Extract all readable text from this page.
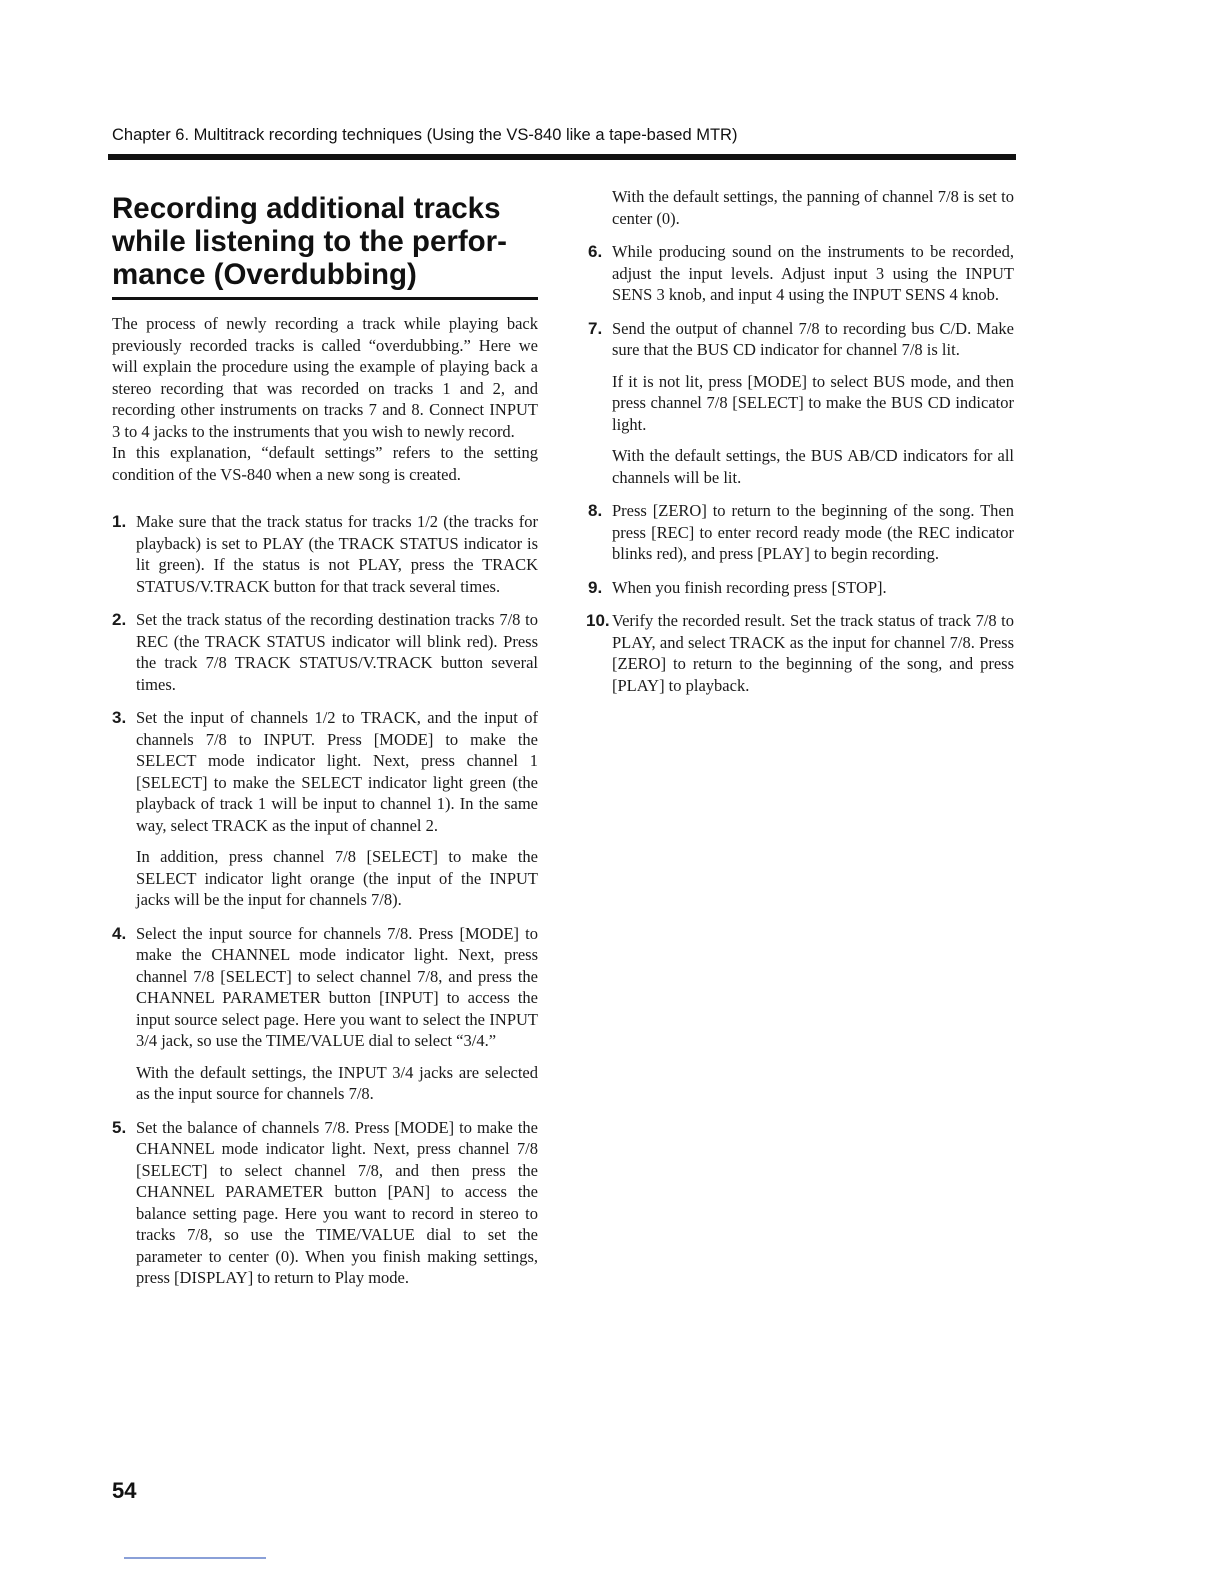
Chapter 6. Multitrack recording techniques (Using the VS-840 like a tape-based MTR)
Recording additional tracks
while listening to the perfor-
mance (Overdubbing)

The process of newly recording a track while playing back previously recorded tracks is called “overdubbing.” Here we will explain the procedure using the example of playing back a stereo recording that was recorded on tracks 1 and 2, and recording other instruments on tracks 7 and 8. Connect INPUT 3 to 4 jacks to the instruments that you wish to newly record.

In this explanation, “default settings” refers to the setting condition of the VS-840 when a new song is created.

1. Make sure that the track status for tracks 1/2 (the tracks for playback) is set to PLAY (the TRACK STATUS indicator is lit green). If the status is not PLAY, press the TRACK STATUS/V.TRACK button for that track several times.

2. Set the track status of the recording destination tracks 7/8 to REC (the TRACK STATUS indicator will blink red). Press the track 7/8 TRACK STATUS/V.TRACK button several times.

3. Set the input of channels 1/2 to TRACK, and the input of channels 7/8 to INPUT. Press [MODE] to make the SELECT mode indicator light. Next, press channel 1 [SELECT] to make the SELECT indicator light green (the playback of track 1 will be input to channel 1). In the same way, select TRACK as the input of channel 2.

In addition, press channel 7/8 [SELECT] to make the SELECT indicator light orange (the input of the INPUT jacks will be the input for channels 7/8).

4. Select the input source for channels 7/8. Press [MODE] to make the CHANNEL mode indicator light. Next, press channel 7/8 [SELECT] to select channel 7/8, and press the CHANNEL PARAMETER button [INPUT] to access the input source select page. Here you want to select the INPUT 3/4 jack, so use the TIME/VALUE dial to select “3/4.”

With the default settings, the INPUT 3/4 jacks are selected as the input source for channels 7/8.

5. Set the balance of channels 7/8. Press [MODE] to make the CHANNEL mode indicator light. Next, press channel 7/8 [SELECT] to select channel 7/8, and then press the CHANNEL PARAMETER button [PAN] to access the balance setting page. Here you want to record in stereo to tracks 7/8, so use the TIME/VALUE dial to set the parameter to center (0). When you finish making settings, press [DISPLAY] to return to Play mode.

With the default settings, the panning of channel 7/8 is set to center (0).

6. While producing sound on the instruments to be recorded, adjust the input levels. Adjust input 3 using the INPUT SENS 3 knob, and input 4 using the INPUT SENS 4 knob.

7. Send the output of channel 7/8 to recording bus C/D. Make sure that the BUS CD indicator for channel 7/8 is lit.

If it is not lit, press [MODE] to select BUS mode, and then press channel 7/8 [SELECT] to make the BUS CD indicator light.

With the default settings, the BUS AB/CD indicators for all channels will be lit.

8. Press [ZERO] to return to the beginning of the song. Then press [REC] to enter record ready mode (the REC indicator blinks red), and press [PLAY] to begin recording.

9. When you finish recording press [STOP].

10. Verify the recorded result. Set the track status of track 7/8 to PLAY, and select TRACK as the input for channel 7/8. Press [ZERO] to return to the beginning of the song, and press [PLAY] to playback.

54
